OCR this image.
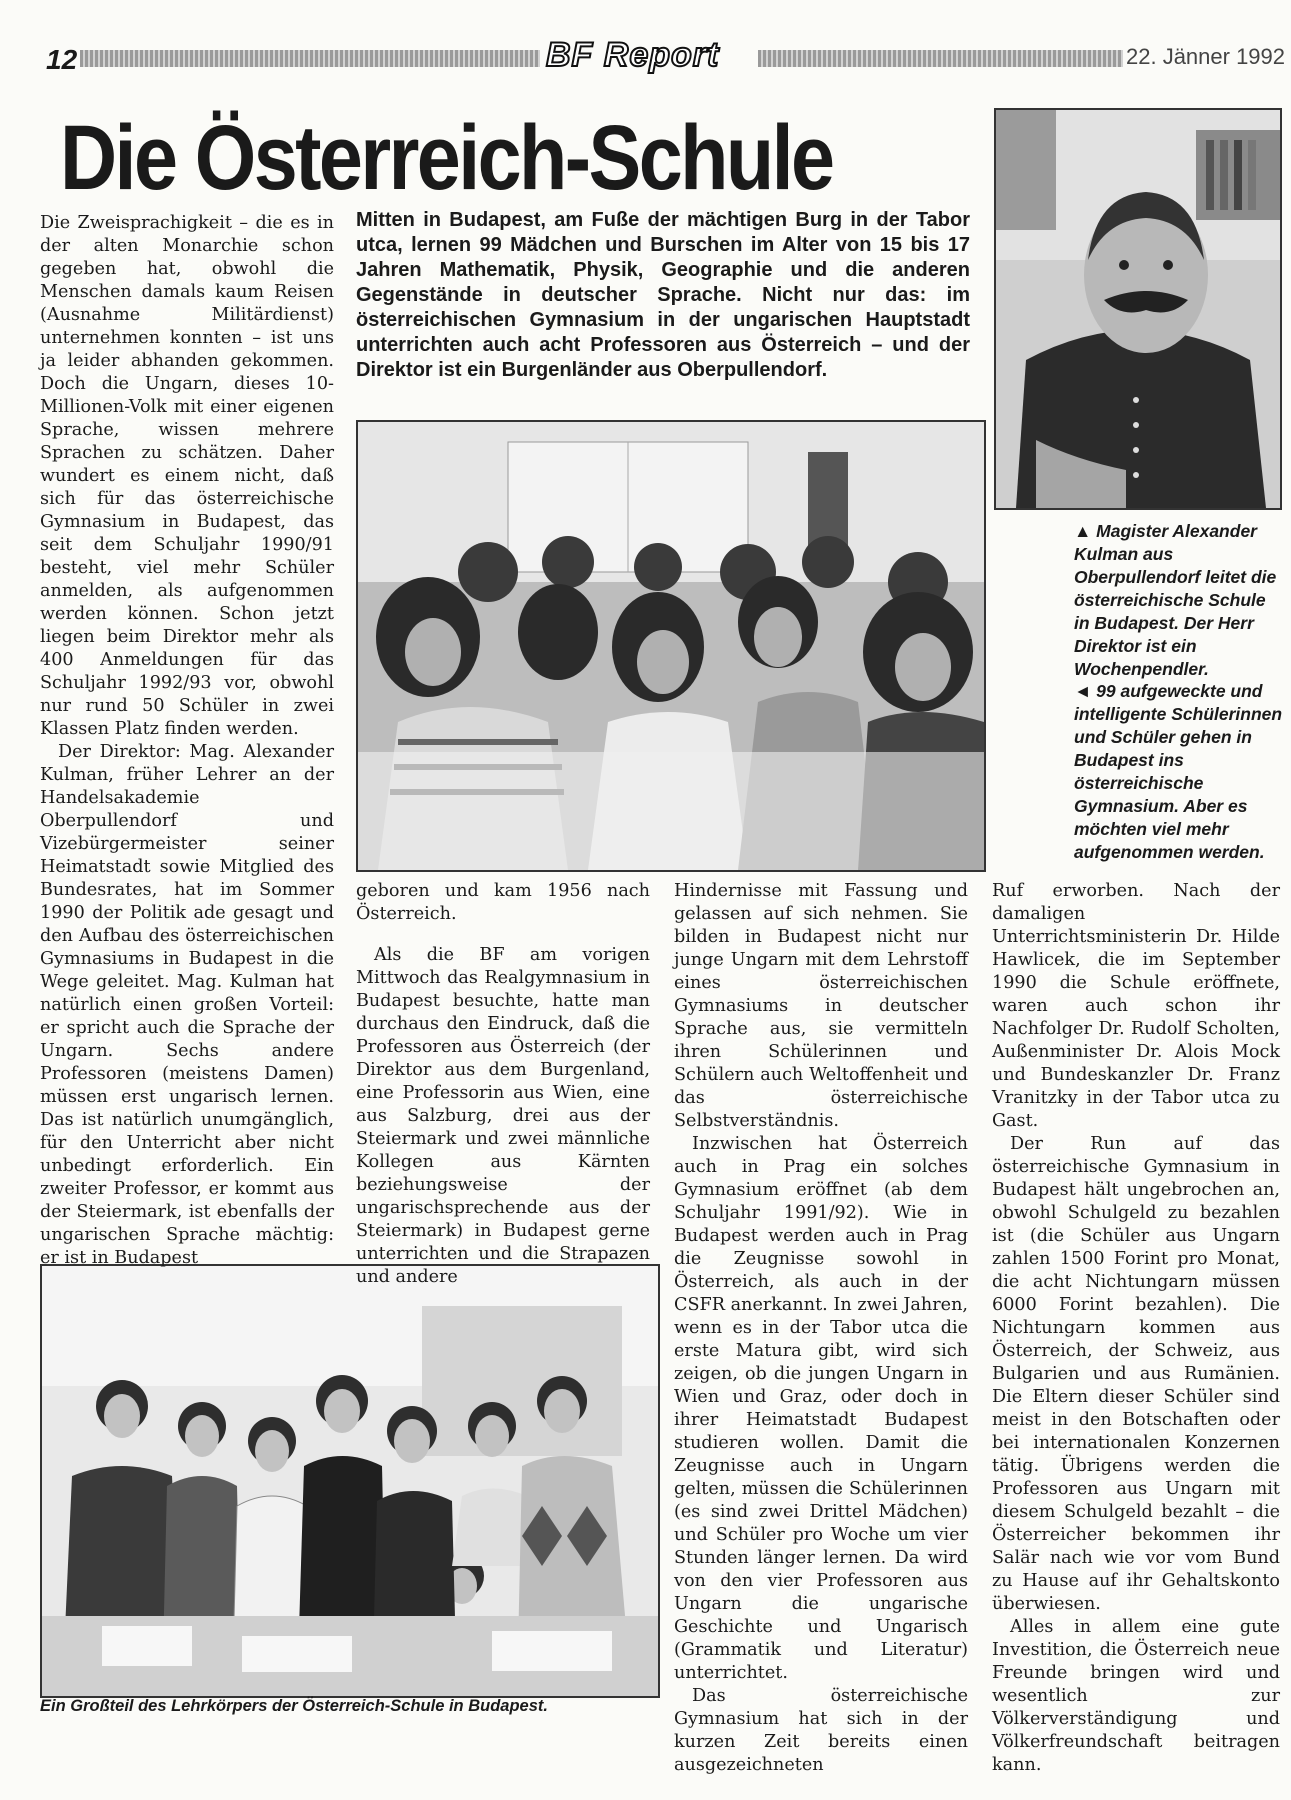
12	BF Report	22. Jänner 1992
Die Österreich-Schule
Mitten in Budapest, am Fuße der mächtigen Burg in der Tabor utca, lernen 99 Mädchen und Burschen im Alter von 15 bis 17 Jahren Mathematik, Physik, Geographie und die anderen Gegenstände in deutscher Sprache. Nicht nur das: im österreichischen Gymnasium in der ungarischen Hauptstadt unterrichten auch acht Professoren aus Österreich – und der Direktor ist ein Burgenländer aus Oberpullendorf.
▲ Magister Alexander Kulman aus Oberpullendorf leitet die österreichische Schule in Budapest. Der Herr Direktor ist ein Wochenpendler.
◄ 99 aufgeweckte und intelligente Schülerinnen und Schüler gehen in Budapest ins österreichische Gymnasium. Aber es möchten viel mehr aufgenommen werden.
Ein Großteil des Lehrkörpers der Österreich-Schule in Budapest.

Die Zweisprachigkeit – die es in der alten Monarchie schon gegeben hat, obwohl die Menschen damals kaum Reisen (Ausnahme Militärdienst) unternehmen konnten – ist uns ja leider abhanden gekommen. Doch die Ungarn, dieses 10-Millionen-Volk mit einer eigenen Sprache, wissen mehrere Sprachen zu schätzen. Daher wundert es einem nicht, daß sich für das österreichische Gymnasium in Budapest, das seit dem Schuljahr 1990/91 besteht, viel mehr Schüler anmelden, als aufgenommen werden können. Schon jetzt liegen beim Direktor mehr als 400 Anmeldungen für das Schuljahr 1992/93 vor, obwohl nur rund 50 Schüler in zwei Klassen Platz finden werden.

Der Direktor: Mag. Alexander Kulman, früher Lehrer an der Handelsakademie Oberpullendorf und Vizebürgermeister seiner Heimatstadt sowie Mitglied des Bundesrates, hat im Sommer 1990 der Politik ade gesagt und den Aufbau des österreichischen Gymnasiums in Budapest in die Wege geleitet. Mag. Kulman hat natürlich einen großen Vorteil: er spricht auch die Sprache der Ungarn. Sechs andere Professoren (meistens Damen) müssen erst ungarisch lernen. Das ist natürlich unumgänglich, für den Unterricht aber nicht unbedingt erforderlich. Ein zweiter Professor, er kommt aus der Steiermark, ist ebenfalls der ungarischen Sprache mächtig: er ist in Budapest

geboren und kam 1956 nach Österreich.

Als die BF am vorigen Mittwoch das Realgymnasium in Budapest besuchte, hatte man durchaus den Eindruck, daß die Professoren aus Österreich (der Direktor aus dem Burgenland, eine Professorin aus Wien, eine aus Salzburg, drei aus der Steiermark und zwei männliche Kollegen aus Kärnten beziehungsweise der ungarischsprechende aus der Steiermark) in Budapest gerne unterrichten und die Strapazen und andere

Hindernisse mit Fassung und gelassen auf sich nehmen. Sie bilden in Budapest nicht nur junge Ungarn mit dem Lehrstoff eines österreichischen Gymnasiums in deutscher Sprache aus, sie vermitteln ihren Schülerinnen und Schülern auch Weltoffenheit und das österreichische Selbstverständnis.

Inzwischen hat Österreich auch in Prag ein solches Gymnasium eröffnet (ab dem Schuljahr 1991/92). Wie in Budapest werden auch in Prag die Zeugnisse sowohl in Österreich, als auch in der CSFR anerkannt. In zwei Jahren, wenn es in der Tabor utca die erste Matura gibt, wird sich zeigen, ob die jungen Ungarn in Wien und Graz, oder doch in ihrer Heimatstadt Budapest studieren wollen. Damit die Zeugnisse auch in Ungarn gelten, müssen die Schülerinnen (es sind zwei Drittel Mädchen) und Schüler pro Woche um vier Stunden länger lernen. Da wird von den vier Professoren aus Ungarn die ungarische Geschichte und Ungarisch (Grammatik und Literatur) unterrichtet.

Das österreichische Gymnasium hat sich in der kurzen Zeit bereits einen ausgezeichneten

Ruf erworben. Nach der damaligen Unterrichtsministerin Dr. Hilde Hawlicek, die im September 1990 die Schule eröffnete, waren auch schon ihr Nachfolger Dr. Rudolf Scholten, Außenminister Dr. Alois Mock und Bundeskanzler Dr. Franz Vranitzky in der Tabor utca zu Gast.

Der Run auf das österreichische Gymnasium in Budapest hält ungebrochen an, obwohl Schulgeld zu bezahlen ist (die Schüler aus Ungarn zahlen 1500 Forint pro Monat, die acht Nichtungarn müssen 6000 Forint bezahlen). Die Nichtungarn kommen aus Österreich, der Schweiz, aus Bulgarien und aus Rumänien. Die Eltern dieser Schüler sind meist in den Botschaften oder bei internationalen Konzernen tätig. Übrigens werden die Professoren aus Ungarn mit diesem Schulgeld bezahlt – die Österreicher bekommen ihr Salär nach wie vor vom Bund zu Hause auf ihr Gehaltskonto überwiesen.

Alles in allem eine gute Investition, die Österreich neue Freunde bringen wird und wesentlich zur Völkerverständigung und Völkerfreundschaft beitragen kann.
